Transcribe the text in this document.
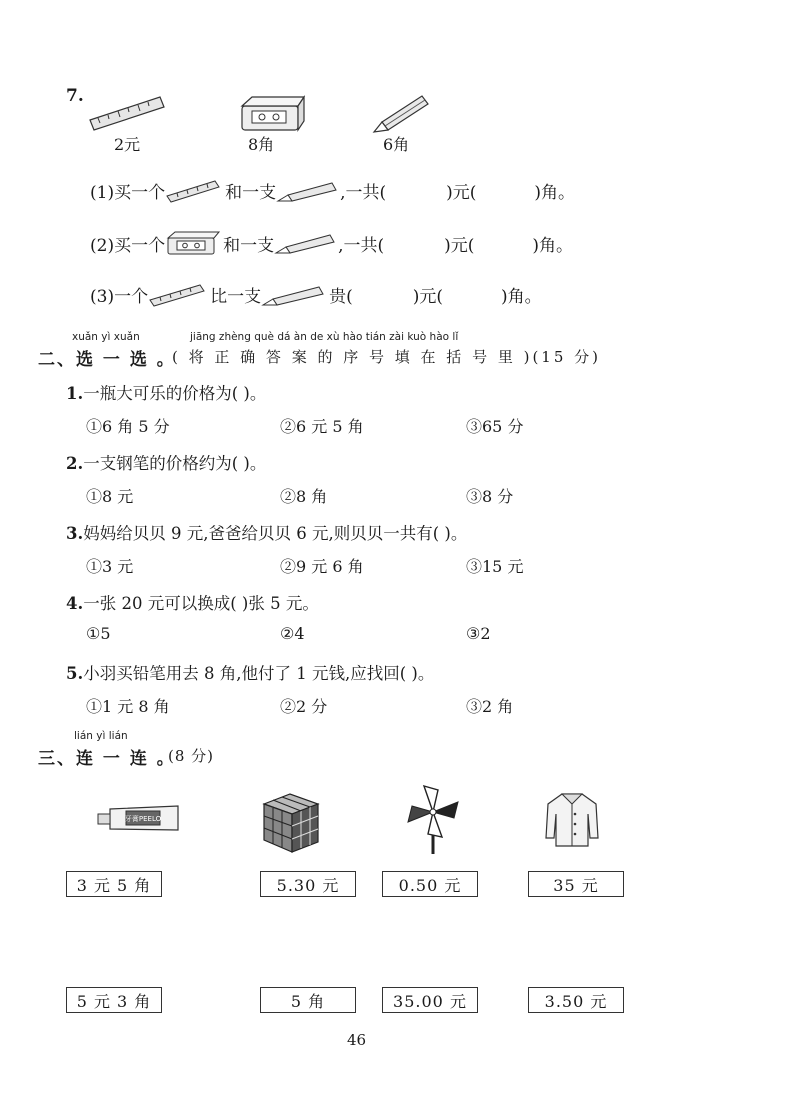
7.
2元	8角	6角
(1)买一个	和一支	,一共(	)元(	)角。
(2)买一个	和一支	,一共(	)元(	)角。
(3)一个	比一支	贵(	)元(	)角。
xuǎn yì xuǎn	jiāng zhèng què dá àn de xù hào tián zài kuò hào lǐ
二、选 一 选 。
( 将 正 确 答 案 的 序 号 填 在 括 号 里 )(15 分)
1.一瓶大可乐的价格为( )。
①6 角 5 分	②6 元 5 角	③65 分
2.一支钢笔的价格约为( )。
①8 元	②8 角	③8 分
3.妈妈给贝贝 9 元,爸爸给贝贝 6 元,则贝贝一共有( )。
①3 元	②9 元 6 角	③15 元
4.一张 20 元可以换成( )张 5 元。
①5	②4	③2
5.小羽买铅笔用去 8 角,他付了 1 元钱,应找回( )。
①1 元 8 角	②2 分	③2 角
lián yì lián
三、连 一 连 。
(8 分)
牙膏PEELO
3 元 5 角	5.30 元	0.50 元	35 元
5 元 3 角	5 角	35.00 元	3.50 元
46
